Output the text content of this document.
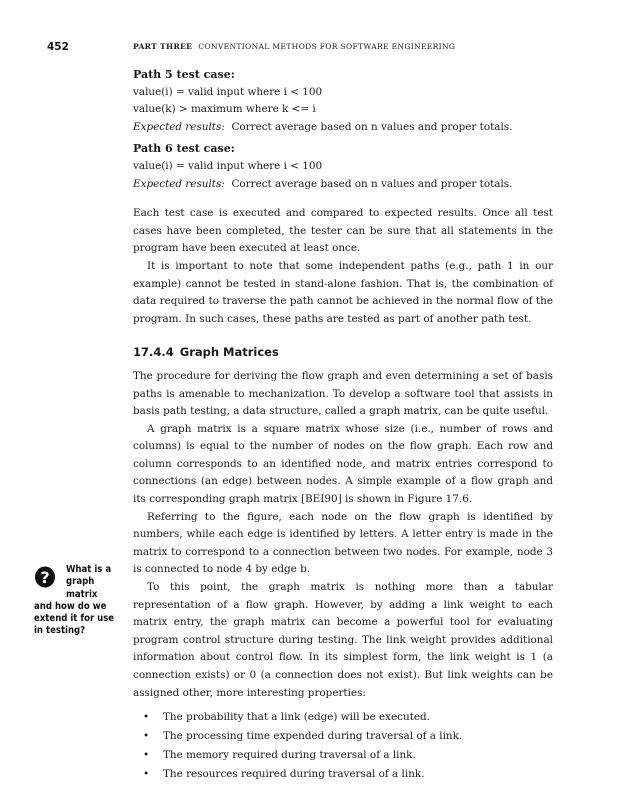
452	PART THREE CONVENTIONAL METHODS FOR SOFTWARE ENGINEERING
?	What is a
graph matrix
and how do we
extend it for use
in testing?

Path 5 test case:
value(i) = valid input where i < 100
value(k) > maximum where k <= i
Expected results: Correct average based on n values and proper totals.
Path 6 test case:
value(i) = valid input where i < 100
Expected results: Correct average based on n values and proper totals.

Each test case is executed and compared to expected results. Once all test cases have been completed, the tester can be sure that all statements in the program have been executed at least once.

It is important to note that some independent paths (e.g., path 1 in our example) cannot be tested in stand-alone fashion. That is, the combination of data required to traverse the path cannot be achieved in the normal flow of the program. In such cases, these paths are tested as part of another path test.

17.4.4 Graph Matrices

The procedure for deriving the flow graph and even determining a set of basis paths is amenable to mechanization. To develop a software tool that assists in basis path testing, a data structure, called a graph matrix, can be quite useful.

A graph matrix is a square matrix whose size (i.e., number of rows and columns) is equal to the number of nodes on the flow graph. Each row and column corresponds to an identified node, and matrix entries correspond to connections (an edge) between nodes. A simple example of a flow graph and its corresponding graph matrix [BEI90] is shown in Figure 17.6.

Referring to the figure, each node on the flow graph is identified by numbers, while each edge is identified by letters. A letter entry is made in the matrix to correspond to a connection between two nodes. For example, node 3 is connected to node 4 by edge b.

To this point, the graph matrix is nothing more than a tabular representation of a flow graph. However, by adding a link weight to each matrix entry, the graph matrix can become a powerful tool for evaluating program control structure during testing. The link weight provides additional information about control flow. In its simplest form, the link weight is 1 (a connection exists) or 0 (a connection does not exist). But link weights can be assigned other, more interesting properties:

• The probability that a link (edge) will be executed.
• The processing time expended during traversal of a link.
• The memory required during traversal of a link.
• The resources required during traversal of a link.
